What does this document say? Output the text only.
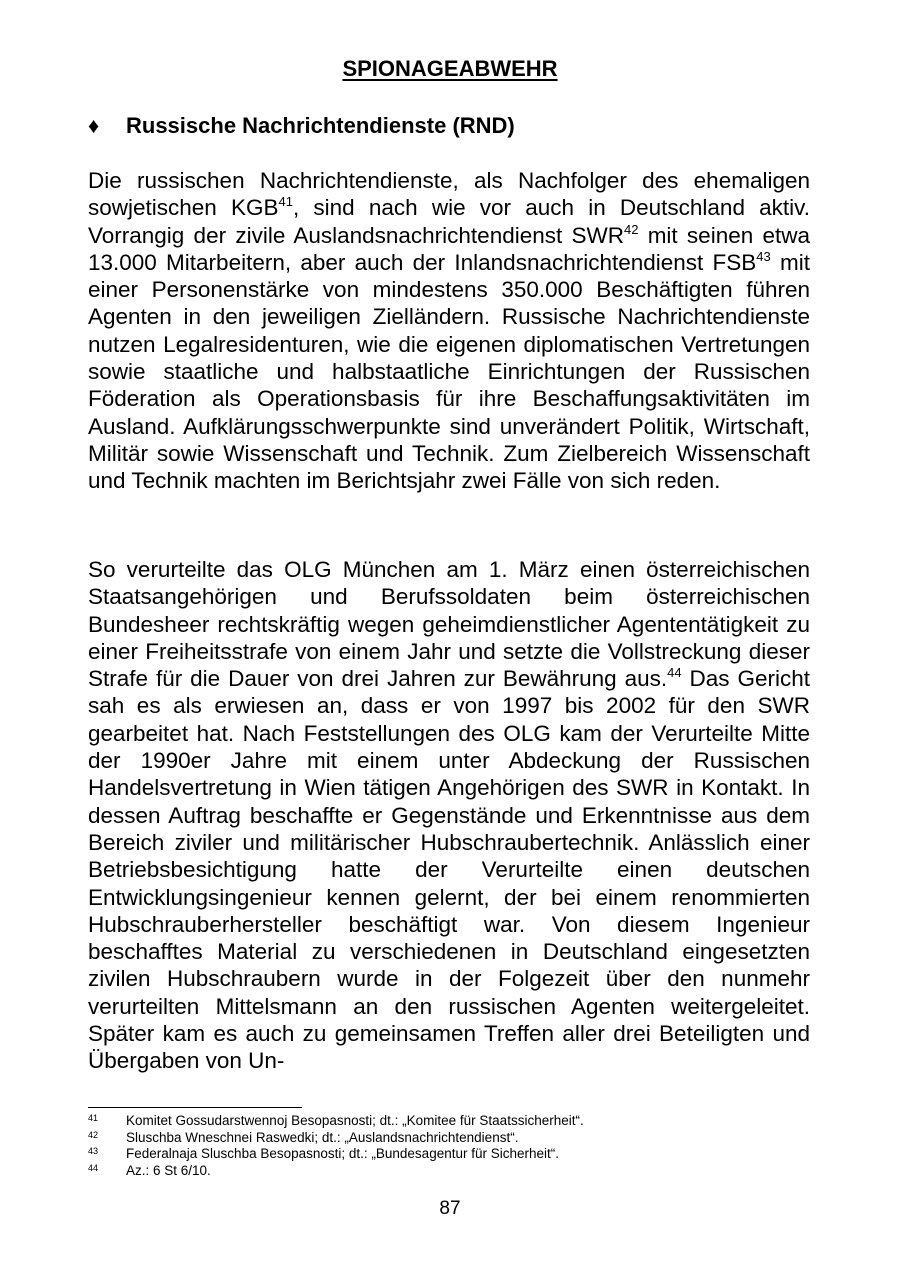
SPIONAGEABWEHR
♦ Russische Nachrichtendienste (RND)

Die russischen Nachrichtendienste, als Nachfolger des ehemaligen sowjetischen KGB$^{41}$, sind nach wie vor auch in Deutschland aktiv. Vorrangig der zivile Auslandsnachrichtendienst SWR$^{42}$ mit seinen etwa 13.000 Mitarbeitern, aber auch der Inlandsnachrichtendienst FSB$^{43}$ mit einer Personenstärke von mindestens 350.000 Beschäftigten führen Agenten in den jeweiligen Zielländern. Russische Nachrichtendienste nutzen Legalresidenturen, wie die eigenen diplomatischen Vertretungen sowie staatliche und halbstaatliche Einrichtungen der Russischen Föderation als Operationsbasis für ihre Beschaffungsaktivitäten im Ausland. Aufklärungsschwerpunkte sind unverändert Politik, Wirtschaft, Militär sowie Wissenschaft und Technik. Zum Zielbereich Wissenschaft und Technik machten im Berichtsjahr zwei Fälle von sich reden.

So verurteilte das OLG München am 1. März einen österreichischen Staatsangehörigen und Berufssoldaten beim österreichischen Bundesheer rechtskräftig wegen geheimdienstlicher Agententätigkeit zu einer Freiheitsstrafe von einem Jahr und setzte die Vollstreckung dieser Strafe für die Dauer von drei Jahren zur Bewährung aus.$^{44}$ Das Gericht sah es als erwiesen an, dass er von 1997 bis 2002 für den SWR gearbeitet hat. Nach Feststellungen des OLG kam der Verurteilte Mitte der 1990er Jahre mit einem unter Abdeckung der Russischen Handelsvertretung in Wien tätigen Angehörigen des SWR in Kontakt. In dessen Auftrag beschaffte er Gegenstände und Erkenntnisse aus dem Bereich ziviler und militärischer Hubschraubertechnik. Anlässlich einer Betriebsbesichtigung hatte der Verurteilte einen deutschen Entwicklungsingenieur kennen gelernt, der bei einem renommierten Hubschrauberhersteller beschäftigt war. Von diesem Ingenieur beschafftes Material zu verschiedenen in Deutschland eingesetzten zivilen Hubschraubern wurde in der Folgezeit über den nunmehr verurteilten Mittelsmann an den russischen Agenten weitergeleitet. Später kam es auch zu gemeinsamen Treffen aller drei Beteiligten und Übergaben von Un-

41 Komitet Gossudarstwennoj Besopasnosti; dt.: „Komitee für Staatssicherheit“.
42 Sluschba Wneschnei Raswedki; dt.: „Auslandsnachrichtendienst“.
43 Federalnaja Sluschba Besopasnosti; dt.: „Bundesagentur für Sicherheit“.
44 Az.: 6 St 6/10.
87
